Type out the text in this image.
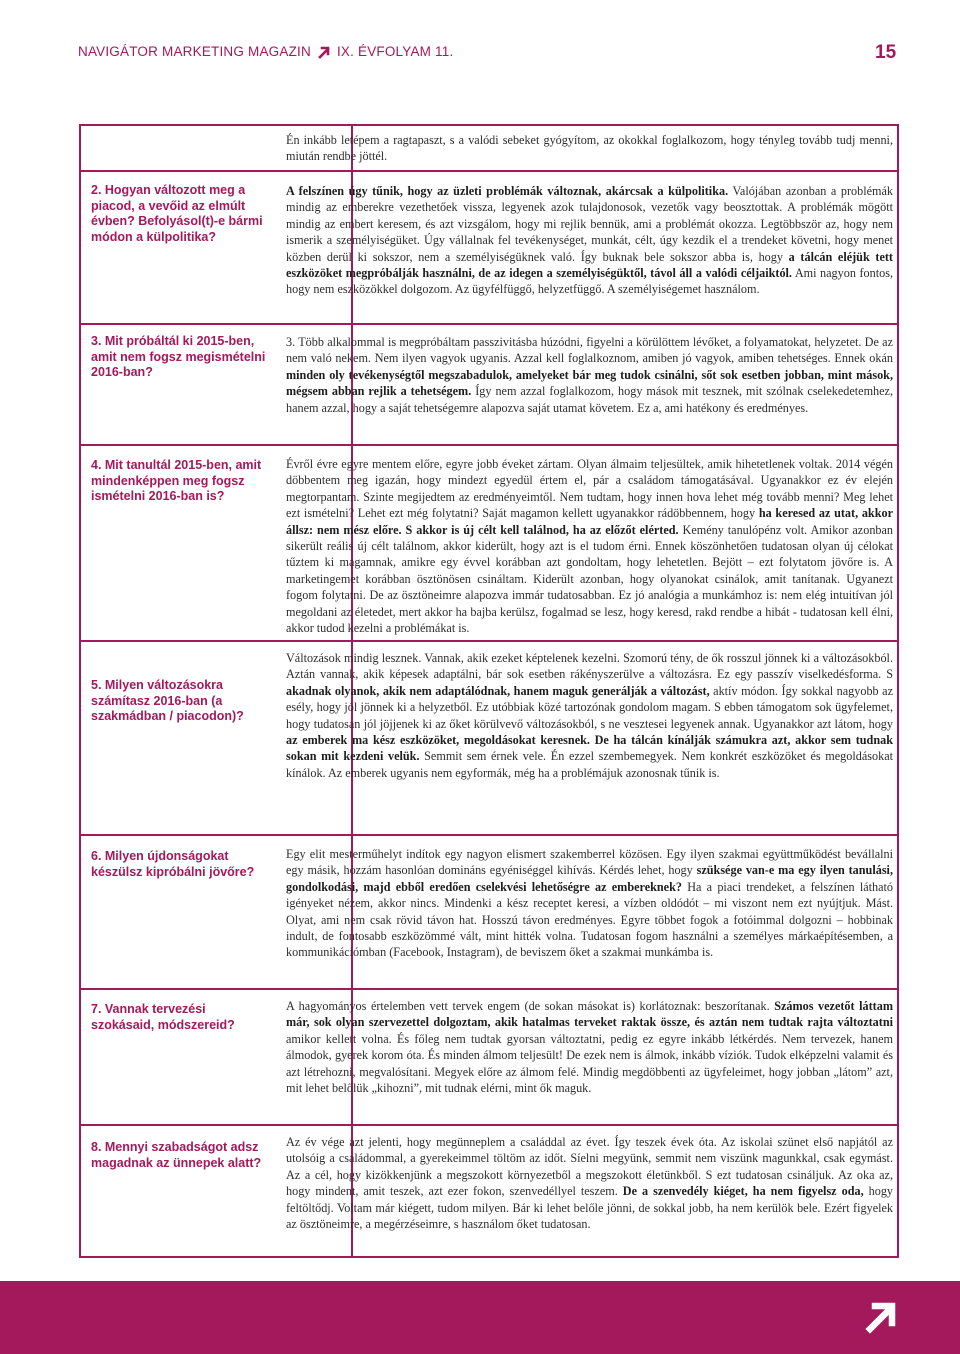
NAVIGÁTOR MARKETING MAGAZIN IX. ÉVFOLYAM 11.	15
Én inkább letépem a ragtapaszt, s a valódi sebeket gyógyítom, az okokkal foglalkozom, hogy tényleg tovább tudj menni, miután rendbe jöttél.
2. Hogyan változott meg a piacod, a vevőid az elmúlt évben? Befolyásol(t)-e bármi módon a külpolitika?
A felszínen úgy tűnik, hogy az üzleti problémák változnak, akárcsak a külpolitika. Valójában azonban a problémák mindig az emberekre vezethetőek vissza, legyenek azok tulajdonosok, vezetők vagy beosztottak. A problémák mögött mindig az embert keresem, és azt vizsgálom, hogy mi rejlik bennük, ami a problémát okozza. Legtöbbször az, hogy nem ismerik a személyiségüket. Úgy vállalnak fel tevékenységet, munkát, célt, úgy kezdik el a trendeket követni, hogy menet közben derül ki sokszor, nem a személyiségüknek való. Így buknak bele sokszor abba is, hogy a tálcán eléjük tett eszközöket megpróbálják használni, de az idegen a személyiségüktől, távol áll a valódi céljaiktól. Ami nagyon fontos, hogy nem eszközökkel dolgozom. Az ügyfélfüggő, helyzetfüggő. A személyiségemet használom.
3. Mit próbáltál ki 2015-ben, amit nem fogsz megismételni 2016-ban?
3. Több alkalommal is megpróbáltam passzivitásba húzódni, figyelni a körülöttem lévőket, a folyamatokat, helyzetet. De az nem való nekem. Nem ilyen vagyok ugyanis. Azzal kell foglalkoznom, amiben jó vagyok, amiben tehetséges. Ennek okán minden oly tevékenységtől megszabadulok, amelyeket bár meg tudok csinálni, sőt sok esetben jobban, mint mások, mégsem abban rejlik a tehetségem. Így nem azzal foglalkozom, hogy mások mit tesznek, mit szólnak cselekedetemhez, hanem azzal, hogy a saját tehetségemre alapozva saját utamat követem. Ez a, ami hatékony és eredményes.
4. Mit tanultál 2015-ben, amit mindenképpen meg fogsz ismételni 2016-ban is?
Évről évre egyre mentem előre, egyre jobb éveket zártam. Olyan álmaim teljesültek, amik hihetetlenek voltak. 2014 végén döbbentem meg igazán, hogy mindezt egyedül értem el, pár a családom támogatásával. Ugyanakkor ez év elején megtorpantam. Szinte megijedtem az eredményeimtől. Nem tudtam, hogy innen hova lehet még tovább menni? Meg lehet ezt ismételni? Lehet ezt még folytatni? Saját magamon kellett ugyanakkor rádöbbennem, hogy ha keresed az utat, akkor állsz: nem mész előre. S akkor is új célt kell találnod, ha az előzőt elérted. Kemény tanulópénz volt. Amikor azonban sikerült reális új célt találnom, akkor kiderült, hogy azt is el tudom érni. Ennek köszönhetően tudatosan olyan új célokat tűztem ki magamnak, amikre egy évvel korábban azt gondoltam, hogy lehetetlen. Bejött – ezt folytatom jövőre is. A marketingemet korábban ösztönösen csináltam. Kiderült azonban, hogy olyanokat csinálok, amit tanítanak. Ugyanezt fogom folytatni. De az ösztöneimre alapozva immár tudatosabban. Ez jó analógia a munkámhoz is: nem elég intuitívan jól megoldani az életedet, mert akkor ha bajba kerülsz, fogalmad se lesz, hogy keresd, rakd rendbe a hibát - tudatosan kell élni, akkor tudod kezelni a problémákat is.
5. Milyen változásokra számítasz 2016-ban (a szakmádban / piacodon)?
Változások mindig lesznek. Vannak, akik ezeket képtelenek kezelni. Szomorú tény, de ők rosszul jönnek ki a változásokból. Aztán vannak, akik képesek adaptálni, bár sok esetben rákényszerülve a változásra. Ez egy passzív viselkedésforma. S akadnak olyanok, akik nem adaptálódnak, hanem maguk generálják a változást, aktív módon. Így sokkal nagyobb az esély, hogy jól jönnek ki a helyzetből. Ez utóbbiak közé tartozónak gondolom magam. S ebben támogatom sok ügyfelemet, hogy tudatosan jól jöjjenek ki az őket körülvevő változásokból, s ne vesztesei legyenek annak. Ugyanakkor azt látom, hogy az emberek ma kész eszközöket, megoldásokat keresnek. De ha tálcán kínálják számukra azt, akkor sem tudnak sokan mit kezdeni velük. Semmit sem érnek vele. Én ezzel szembemegyek. Nem konkrét eszközöket és megoldásokat kínálok. Az emberek ugyanis nem egyformák, még ha a problémájuk azonosnak tűnik is.
6. Milyen újdonságokat készülsz kipróbálni jövőre?
Egy elit mesterműhelyt indítok egy nagyon elismert szakemberrel közösen. Egy ilyen szakmai együttműködést bevállalni egy másik, hozzám hasonlóan domináns egyéniséggel kihívás. Kérdés lehet, hogy szüksége van-e ma egy ilyen tanulási, gondolkodási, majd ebből eredően cselekvési lehetőségre az embereknek? Ha a piaci trendeket, a felszínen látható igényeket nézem, akkor nincs. Mindenki a kész receptet keresi, a vízben oldódót – mi viszont nem ezt nyújtjuk. Mást. Olyat, ami nem csak rövid távon hat. Hosszú távon eredményes. Egyre többet fogok a fotóimmal dolgozni – hobbinak indult, de fontosabb eszközömmé vált, mint hitték volna. Tudatosan fogom használni a személyes márkaépítésemben, a kommunikációmban (Facebook, Instagram), de beviszem őket a szakmai munkámba is.
7. Vannak tervezési szokásaid, módszereid?
A hagyományos értelemben vett tervek engem (de sokan másokat is) korlátoznak: beszorítanak. Számos vezetőt láttam már, sok olyan szervezettel dolgoztam, akik hatalmas terveket raktak össze, és aztán nem tudtak rajta változtatni amikor kellett volna. És főleg nem tudtak gyorsan változtatni, pedig ez egyre inkább létkérdés. Nem tervezek, hanem álmodok, gyerek korom óta. És minden álmom teljesült! De ezek nem is álmok, inkább víziók. Tudok elképzelni valamit és azt létrehozni, megvalósítani. Megyek előre az álmom felé. Mindig megdöbbenti az ügyfeleimet, hogy jobban „látom” azt, mit lehet belőlük „kihozni”, mit tudnak elérni, mint ők maguk.
8. Mennyi szabadságot adsz magadnak az ünnepek alatt?
Az év vége azt jelenti, hogy megünneplem a családdal az évet. Így teszek évek óta. Az iskolai szünet első napjától az utolsóig a családommal, a gyerekeimmel töltöm az időt. Síelni megyünk, semmit nem viszünk magunkkal, csak egymást. Az a cél, hogy kizökkenjünk a megszokott környezetből a megszokott életünkből. S ezt tudatosan csináljuk. Az oka az, hogy mindent, amit teszek, azt ezer fokon, szenvedéllyel teszem. De a szenvedély kiéget, ha nem figyelsz oda, hogy feltöltődj. Voltam már kiégett, tudom milyen. Bár ki lehet belőle jönni, de sokkal jobb, ha nem kerülök bele. Ezért figyelek az ösztöneimre, a megérzéseimre, s használom őket tudatosan.
